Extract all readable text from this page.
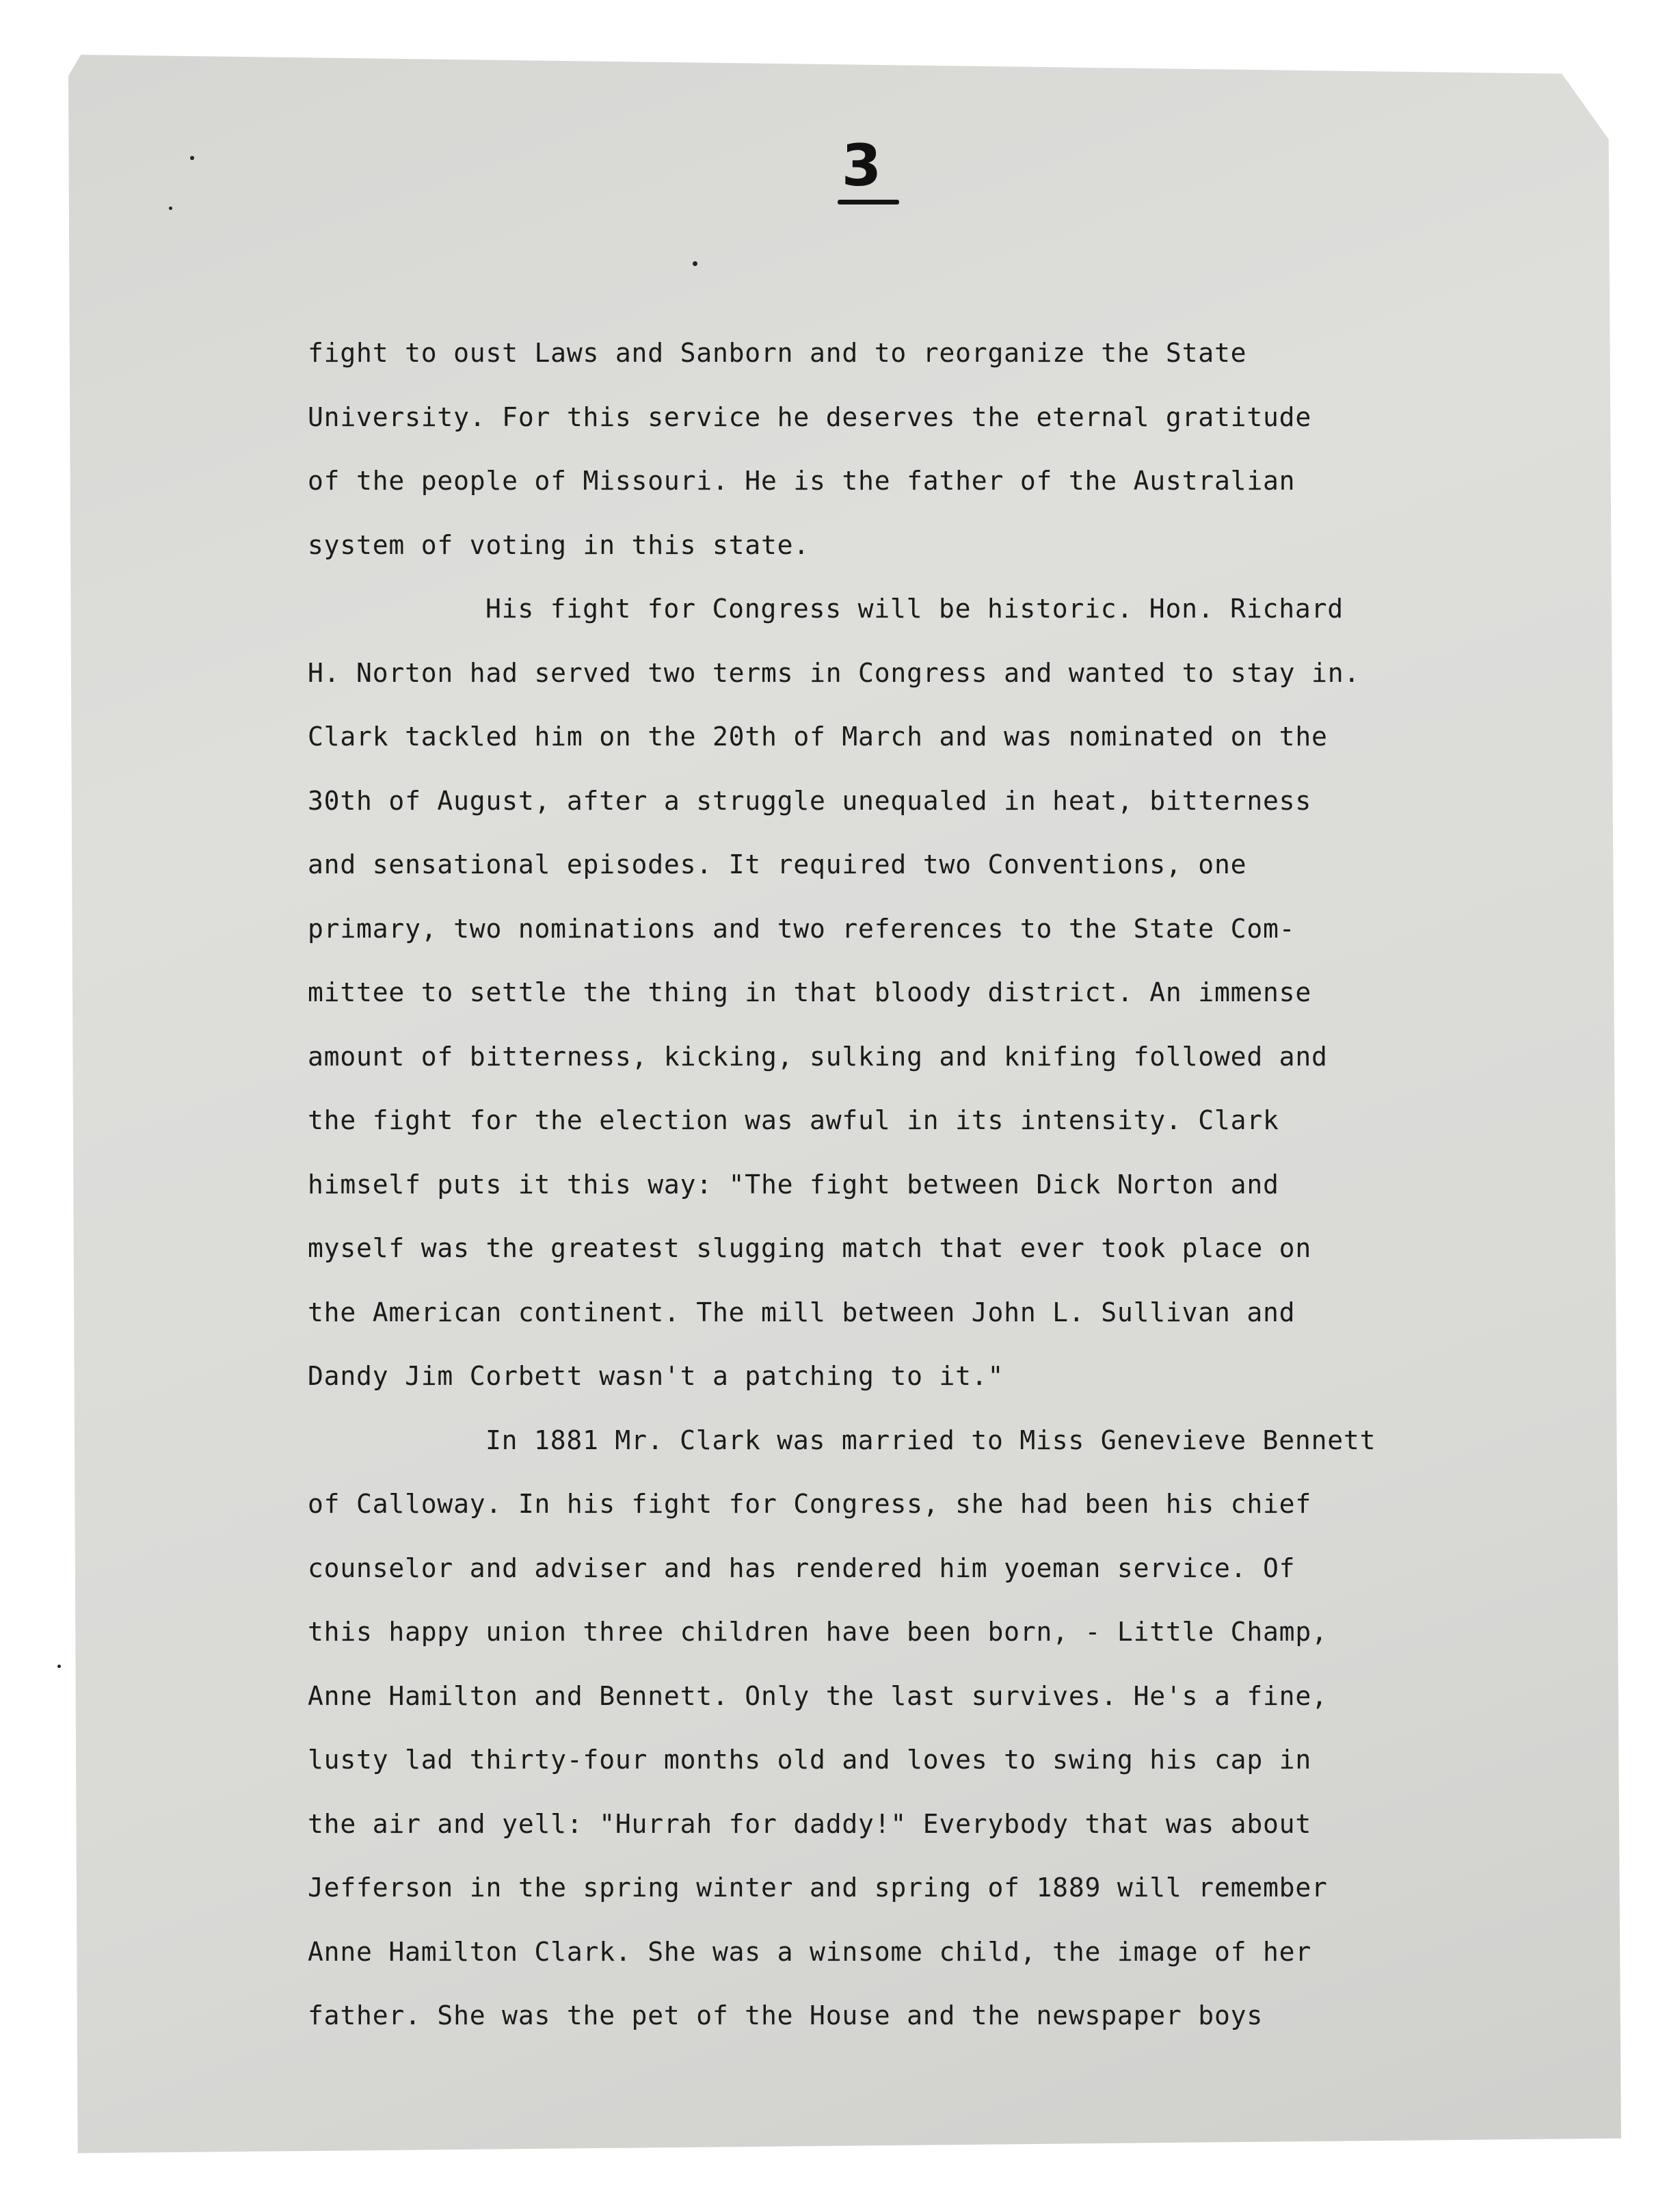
3
fight to oust Laws and Sanborn and to reorganize the State
University. For this service he deserves the eternal gratitude
of the people of Missouri. He is the father of the Australian
system of voting in this state.
His fight for Congress will be historic. Hon. Richard
H. Norton had served two terms in Congress and wanted to stay in.
Clark tackled him on the 20th of March and was nominated on the
30th of August, after a struggle unequaled in heat, bitterness
and sensational episodes. It required two Conventions, one
primary, two nominations and two references to the State Com-
mittee to settle the thing in that bloody district. An immense
amount of bitterness, kicking, sulking and knifing followed and
the fight for the election was awful in its intensity. Clark
himself puts it this way: "The fight between Dick Norton and
myself was the greatest slugging match that ever took place on
the American continent. The mill between John L. Sullivan and
Dandy Jim Corbett wasn't a patching to it."
In 1881 Mr. Clark was married to Miss Genevieve Bennett
of Calloway. In his fight for Congress, she had been his chief
counselor and adviser and has rendered him yoeman service. Of
this happy union three children have been born, - Little Champ,
Anne Hamilton and Bennett. Only the last survives. He's a fine,
lusty lad thirty-four months old and loves to swing his cap in
the air and yell: "Hurrah for daddy!" Everybody that was about
Jefferson in the spring winter and spring of 1889 will remember
Anne Hamilton Clark. She was a winsome child, the image of her
father. She was the pet of the House and the newspaper boys
